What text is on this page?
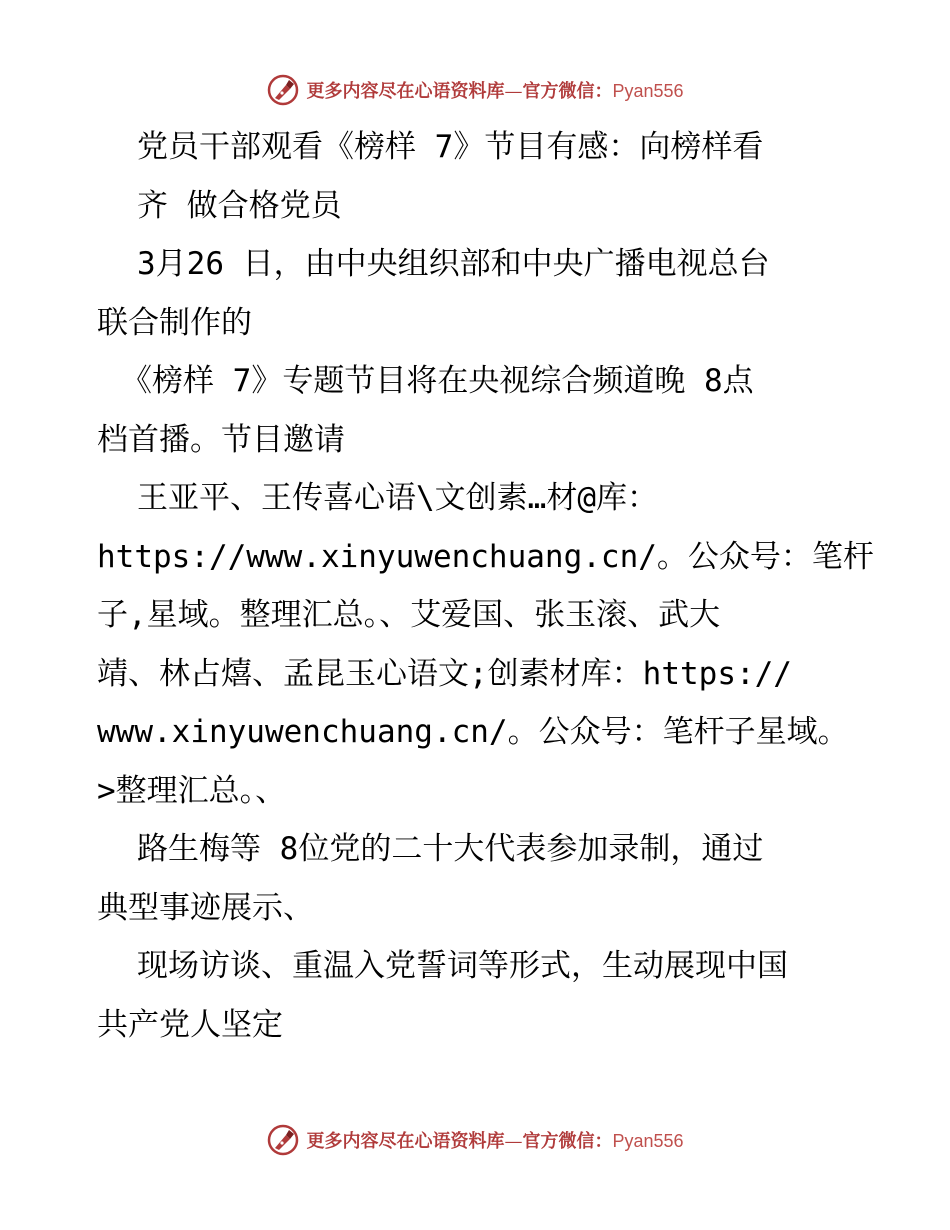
更多内容尽在心语资料库—官方微信：Pyan556
党员干部观看《榜样 7》节目有感：向榜样看
齐 做合格党员
3月26 日，由中央组织部和中央广播电视总台
联合制作的
《榜样 7》专题节目将在央视综合频道晚 8点
档首播。节目邀请
王亚平、王传喜心语\文创素…材@库：
https://www.xinyuwenchuang.cn/。公众号：笔杆
子,星域。整理汇总。、艾爱国、张玉滚、武大
靖、林占熺、孟昆玉心语文;创素材库：https://
www.xinyuwenchuang.cn/。公众号：笔杆子星域。
>整理汇总。、
路生梅等 8位党的二十大代表参加录制，通过
典型事迹展示、
现场访谈、重温入党誓词等形式，生动展现中国
共产党人坚定
更多内容尽在心语资料库—官方微信：Pyan556
